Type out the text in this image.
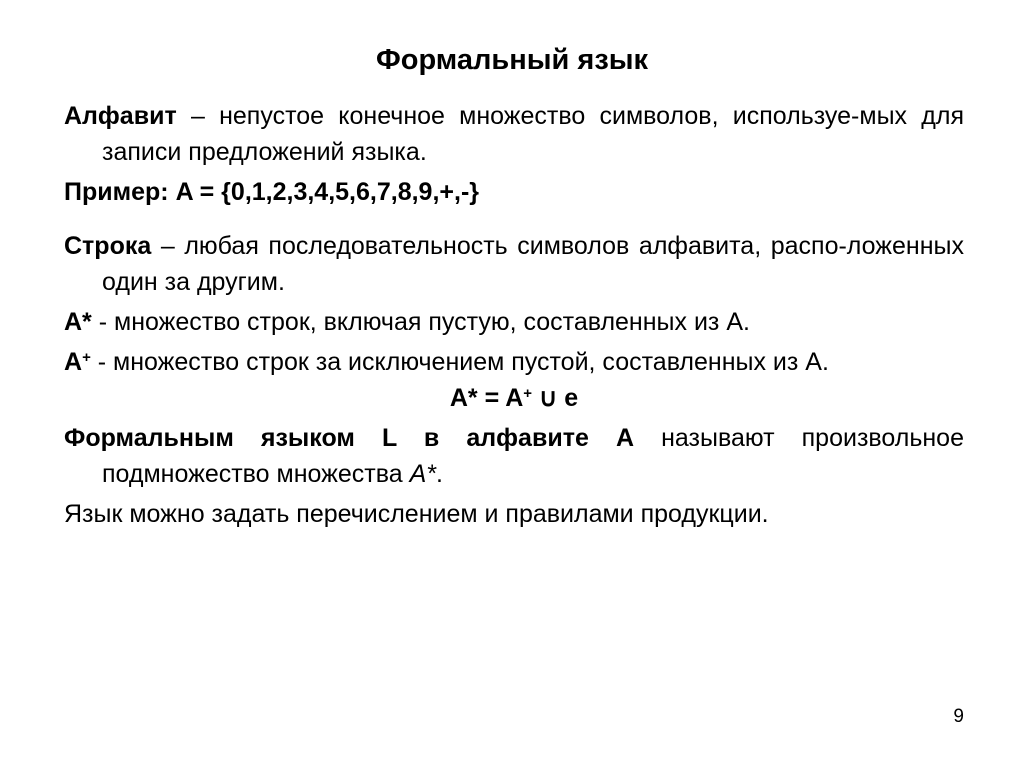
Формальный язык

Алфавит – непустое конечное множество символов, используе-мых для записи предложений языка.

Пример: A = {0,1,2,3,4,5,6,7,8,9,+,-}

Строка – любая последовательность символов алфавита, распо-ложенных один за другим.

A* - множество строк, включая пустую, составленных из A.

A+ - множество строк за исключением пустой, составленных из A.

A* = A+ ∪ e

Формальным языком L в алфавите A называют произвольное подмножество множества A*.

Язык можно задать перечислением и правилами продукции.

9
